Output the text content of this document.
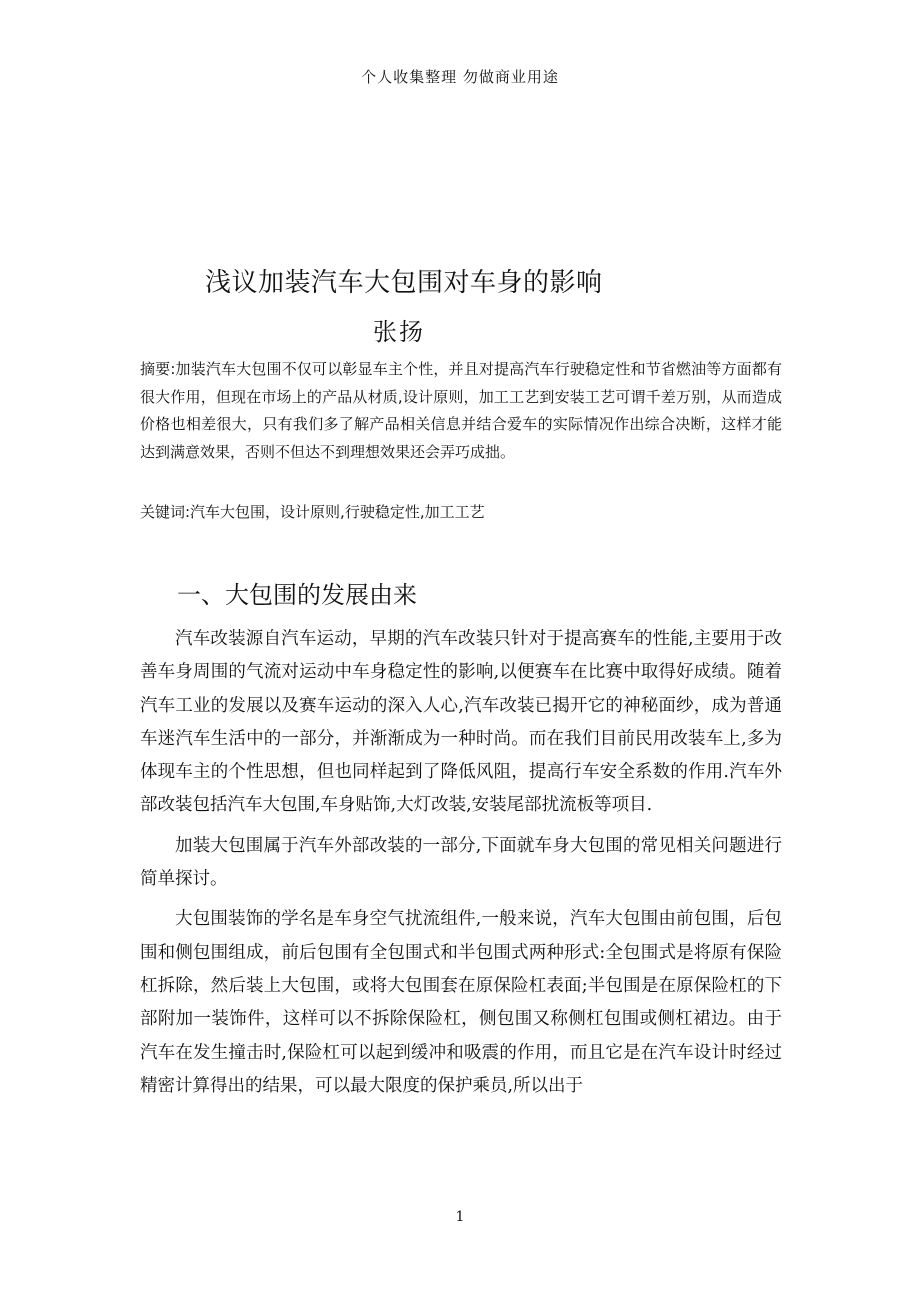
个人收集整理 勿做商业用途
浅议加装汽车大包围对车身的影响
张扬
摘要:加装汽车大包围不仅可以彰显车主个性，并且对提高汽车行驶稳定性和节省燃油等方面都有很大作用，但现在市场上的产品从材质,设计原则，加工工艺到安装工艺可谓千差万别，从而造成价格也相差很大，只有我们多了解产品相关信息并结合爱车的实际情况作出综合决断，这样才能达到满意效果，否则不但达不到理想效果还会弄巧成拙。
关键词:汽车大包围，设计原则,行驶稳定性,加工工艺
一、大包围的发展由来

汽车改装源自汽车运动，早期的汽车改装只针对于提高赛车的性能,主要用于改善车身周围的气流对运动中车身稳定性的影响,以便赛车在比赛中取得好成绩。随着汽车工业的发展以及赛车运动的深入人心,汽车改装已揭开它的神秘面纱，成为普通车迷汽车生活中的一部分，并渐渐成为一种时尚。而在我们目前民用改装车上,多为体现车主的个性思想，但也同样起到了降低风阻，提高行车安全系数的作用.汽车外部改装包括汽车大包围,车身贴饰,大灯改装,安装尾部扰流板等项目.

加装大包围属于汽车外部改装的一部分,下面就车身大包围的常见相关问题进行简单探讨。

大包围装饰的学名是车身空气扰流组件,一般来说，汽车大包围由前包围，后包围和侧包围组成，前后包围有全包围式和半包围式两种形式:全包围式是将原有保险杠拆除，然后装上大包围，或将大包围套在原保险杠表面;半包围是在原保险杠的下部附加一装饰件，这样可以不拆除保险杠，侧包围又称侧杠包围或侧杠裙边。由于汽车在发生撞击时,保险杠可以起到缓冲和吸震的作用，而且它是在汽车设计时经过精密计算得出的结果，可以最大限度的保护乘员,所以出于

1
